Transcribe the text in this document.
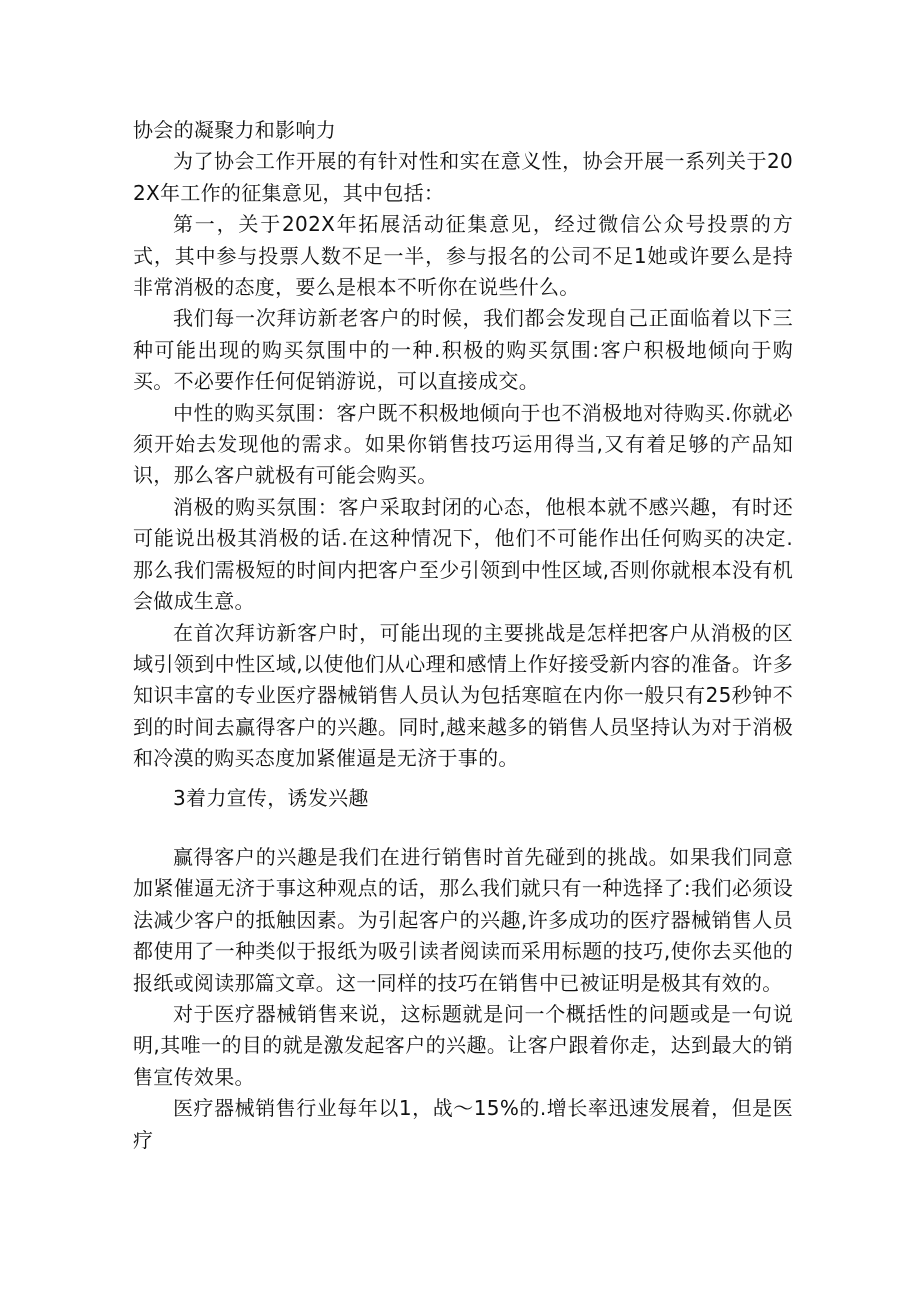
协会的凝聚力和影响力

为了协会工作开展的有针对性和实在意义性，协会开展一系列关于202X年工作的征集意见，其中包括：

第一，关于202X年拓展活动征集意见，经过微信公众号投票的方式，其中参与投票人数不足一半，参与报名的公司不足1她或许要么是持非常消极的态度，要么是根本不听你在说些什么。

我们每一次拜访新老客户的时候，我们都会发现自己正面临着以下三种可能出现的购买氛围中的一种.积极的购买氛围:客户积极地倾向于购买。不必要作任何促销游说，可以直接成交。

中性的购买氛围：客户既不积极地倾向于也不消极地对待购买.你就必须开始去发现他的需求。如果你销售技巧运用得当,又有着足够的产品知识，那么客户就极有可能会购买。

消极的购买氛围：客户采取封闭的心态，他根本就不感兴趣，有时还可能说出极其消极的话.在这种情况下，他们不可能作出任何购买的决定.那么我们需极短的时间内把客户至少引领到中性区域,否则你就根本没有机会做成生意。

在首次拜访新客户时，可能出现的主要挑战是怎样把客户从消极的区域引领到中性区域,以使他们从心理和感情上作好接受新内容的准备。许多知识丰富的专业医疗器械销售人员认为包括寒暄在内你一般只有25秒钟不到的时间去赢得客户的兴趣。同时,越来越多的销售人员坚持认为对于消极和冷漠的购买态度加紧催逼是无济于事的。

3着力宣传，诱发兴趣

赢得客户的兴趣是我们在进行销售时首先碰到的挑战。如果我们同意加紧催逼无济于事这种观点的话，那么我们就只有一种选择了:我们必须设法减少客户的抵触因素。为引起客户的兴趣,许多成功的医疗器械销售人员都使用了一种类似于报纸为吸引读者阅读而采用标题的技巧,使你去买他的报纸或阅读那篇文章。这一同样的技巧在销售中已被证明是极其有效的。

对于医疗器械销售来说，这标题就是问一个概括性的问题或是一句说明,其唯一的目的就是激发起客户的兴趣。让客户跟着你走，达到最大的销售宣传效果。

医疗器械销售行业每年以1，战〜15%的.增长率迅速发展着，但是医疗
